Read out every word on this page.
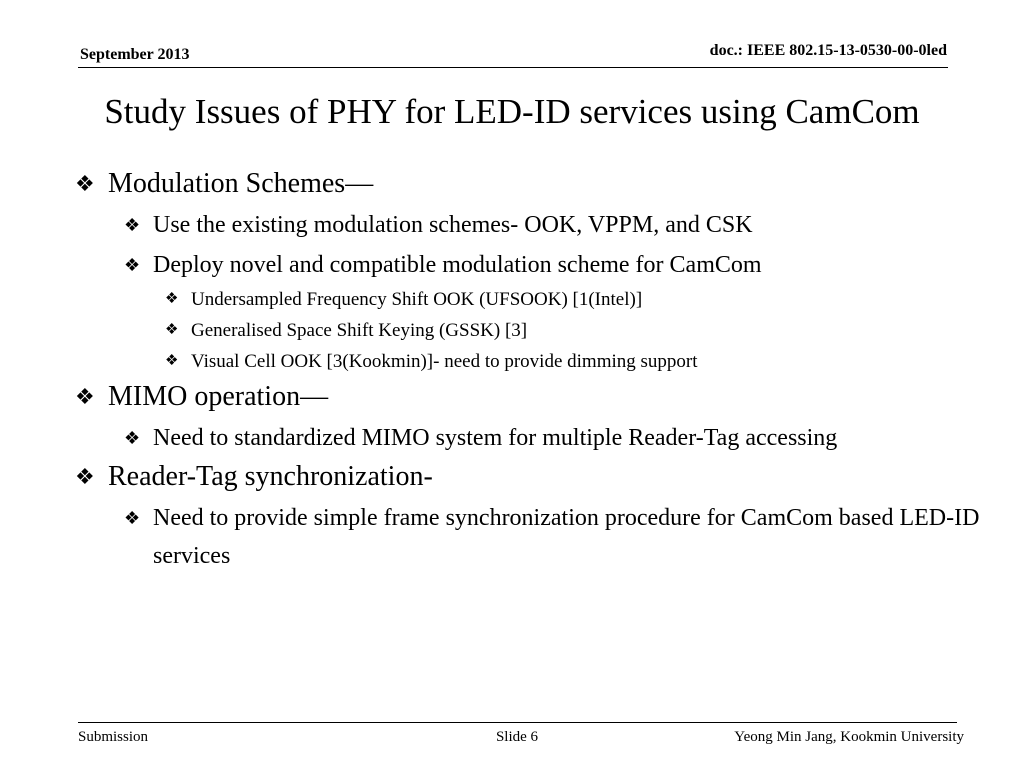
September 2013	doc.: IEEE 802.15-13-0530-00-0led
Study Issues of PHY for LED-ID services using CamCom
❖ Modulation Schemes—
❖ Use the existing modulation schemes- OOK, VPPM, and CSK
❖ Deploy novel and compatible modulation scheme for CamCom
❖ Undersampled Frequency Shift OOK (UFSOOK) [1(Intel)]
❖ Generalised Space Shift Keying (GSSK) [3]
❖ Visual Cell OOK [3(Kookmin)]- need to provide dimming support
❖ MIMO operation—
❖ Need to standardized MIMO system for multiple Reader-Tag accessing
❖ Reader-Tag synchronization-
❖ Need to provide simple frame synchronization procedure for CamCom based LED-ID services
Submission	Slide 6	Yeong Min Jang, Kookmin University
